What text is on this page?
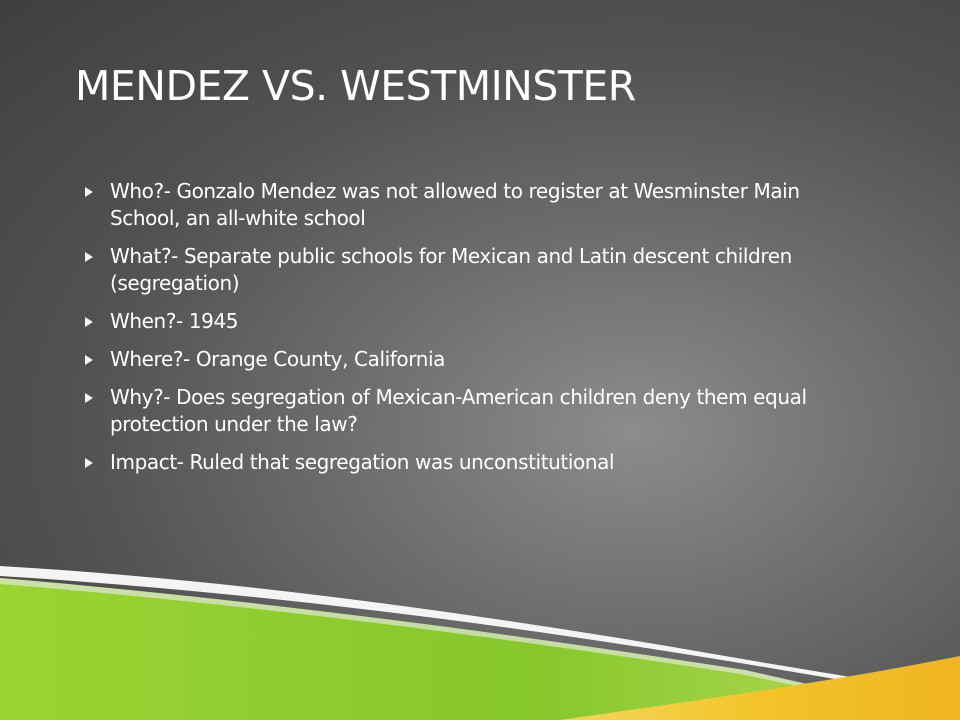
MENDEZ VS. WESTMINSTER
Who?- Gonzalo Mendez was not allowed to register at Wesminster Main School, an all-white school
What?- Separate public schools for Mexican and Latin descent children (segregation)
When?- 1945
Where?- Orange County, California
Why?- Does segregation of Mexican-American children deny them equal protection under the law?
Impact- Ruled that segregation was unconstitutional
